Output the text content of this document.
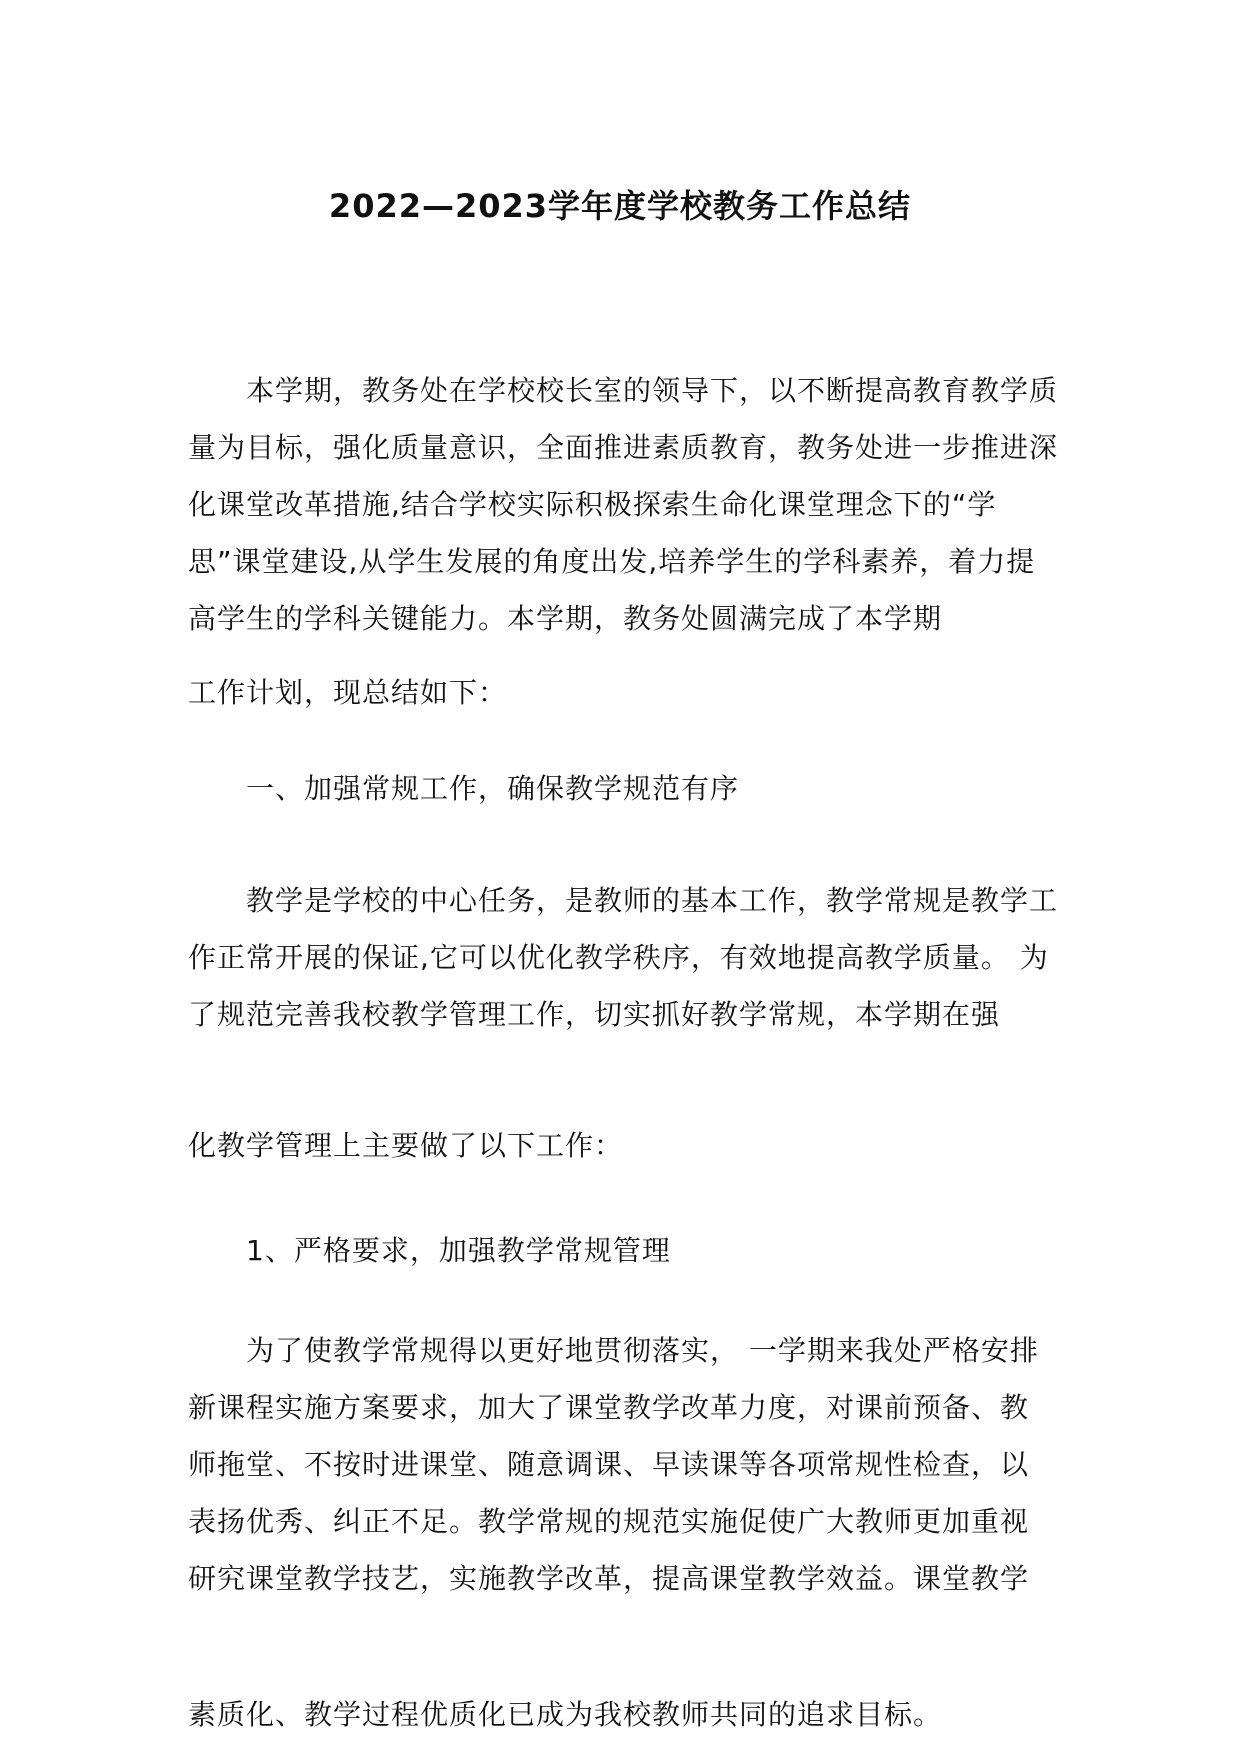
2022—2023学年度学校教务工作总结

本学期，教务处在学校校长室的领导下，以不断提高教育教学质量为目标，强化质量意识，全面推进素质教育，教务处进一步推进深化课堂改革措施,结合学校实际积极探索生命化课堂理念下的“学思”课堂建设,从学生发展的角度出发,培养学生的学科素养，着力提高学生的学科关键能力。本学期，教务处圆满完成了本学期

工作计划，现总结如下：

一、加强常规工作，确保教学规范有序

教学是学校的中心任务，是教师的基本工作，教学常规是教学工作正常开展的保证,它可以优化教学秩序，有效地提高教学质量。 为了规范完善我校教学管理工作，切实抓好教学常规，本学期在强

化教学管理上主要做了以下工作：

1、严格要求，加强教学常规管理

为了使教学常规得以更好地贯彻落实， 一学期来我处严格安排 新课程实施方案要求，加大了课堂教学改革力度，对课前预备、教 师拖堂、不按时进课堂、随意调课、早读课等各项常规性检查，以 表扬优秀、纠正不足。教学常规的规范实施促使广大教师更加重视 研究课堂教学技艺，实施教学改革，提高课堂教学效益。课堂教学

素质化、教学过程优质化已成为我校教师共同的追求目标。
